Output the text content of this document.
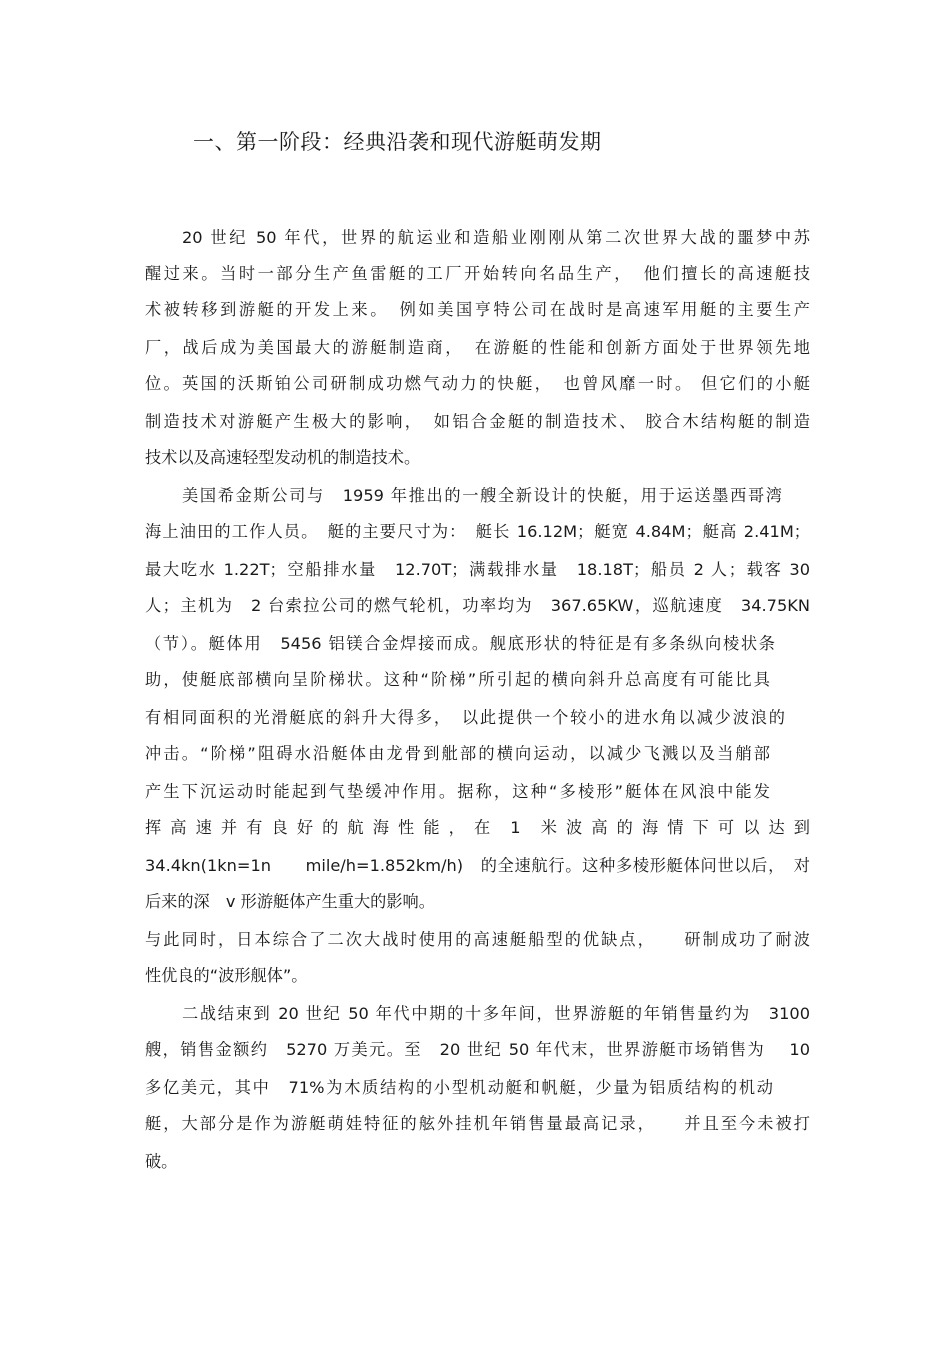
一、第一阶段：经典沿袭和现代游艇萌发期
20 世纪 50 年代，世界的航运业和造船业刚刚从第二次世界大战的噩梦中苏
醒过来。当时一部分生产鱼雷艇的工厂开始转向名品生产，　他们擅长的高速艇技
术被转移到游艇的开发上来。　例如美国亨特公司在战时是高速军用艇的主要生产
厂，战后成为美国最大的游艇制造商，　在游艇的性能和创新方面处于世界领先地
位。英国的沃斯铂公司研制成功燃气动力的快艇，　也曾风靡一时。 但它们的小艇
制造技术对游艇产生极大的影响，　如铝合金艇的制造技术、 胶合木结构艇的制造
技术以及高速轻型发动机的制造技术。
美国希金斯公司与　1959 年推出的一艘全新设计的快艇，用于运送墨西哥湾
海上油田的工作人员。　艇的主要尺寸为：　艇长 16.12M；艇宽 4.84M；艇高 2.41M；
最大吃水 1.22T；空船排水量　12.70T；满载排水量　18.18T；船员 2 人；载客 30
人；主机为　2 台索拉公司的燃气轮机，功率均为　367.65KW，巡航速度　34.75KN
（节）。艇体用　5456 铝镁合金焊接而成。舰底形状的特征是有多条纵向棱状条
助，使艇底部横向呈阶梯状。这种“阶梯”所引起的横向斜升总高度有可能比具
有相同面积的光滑艇底的斜升大得多，　以此提供一个较小的进水角以减少波浪的
冲击。“阶梯”阻碍水沿艇体由龙骨到舭部的横向运动，以减少飞溅以及当艄部
产生下沉运动时能起到气垫缓冲作用。据称，这种“多棱形”艇体在风浪中能发
挥 高 速 并 有 良 好 的 航 海 性 能 ， 在　1　米 波 高 的 海 情 下 可 以 达 到
34.4kn(1kn=1n　　mile/h=1.852km/h)　的全速航行。这种多棱形艇体问世以后，　对
后来的深　v 形游艇体产生重大的影响。
与此同时，日本综合了二次大战时使用的高速艇船型的优缺点，　　研制成功了耐波
性优良的“波形舰体”。
二战结束到 20 世纪 50 年代中期的十多年间，世界游艇的年销售量约为　3100
艘，销售金额约　5270 万美元。至　20 世纪 50 年代末，世界游艇市场销售为　 10
多亿美元，其中　71%为木质结构的小型机动艇和帆艇，少量为铝质结构的机动
艇，大部分是作为游艇萌娃特征的舷外挂机年销售量最高记录，　　并且至今未被打
破。
